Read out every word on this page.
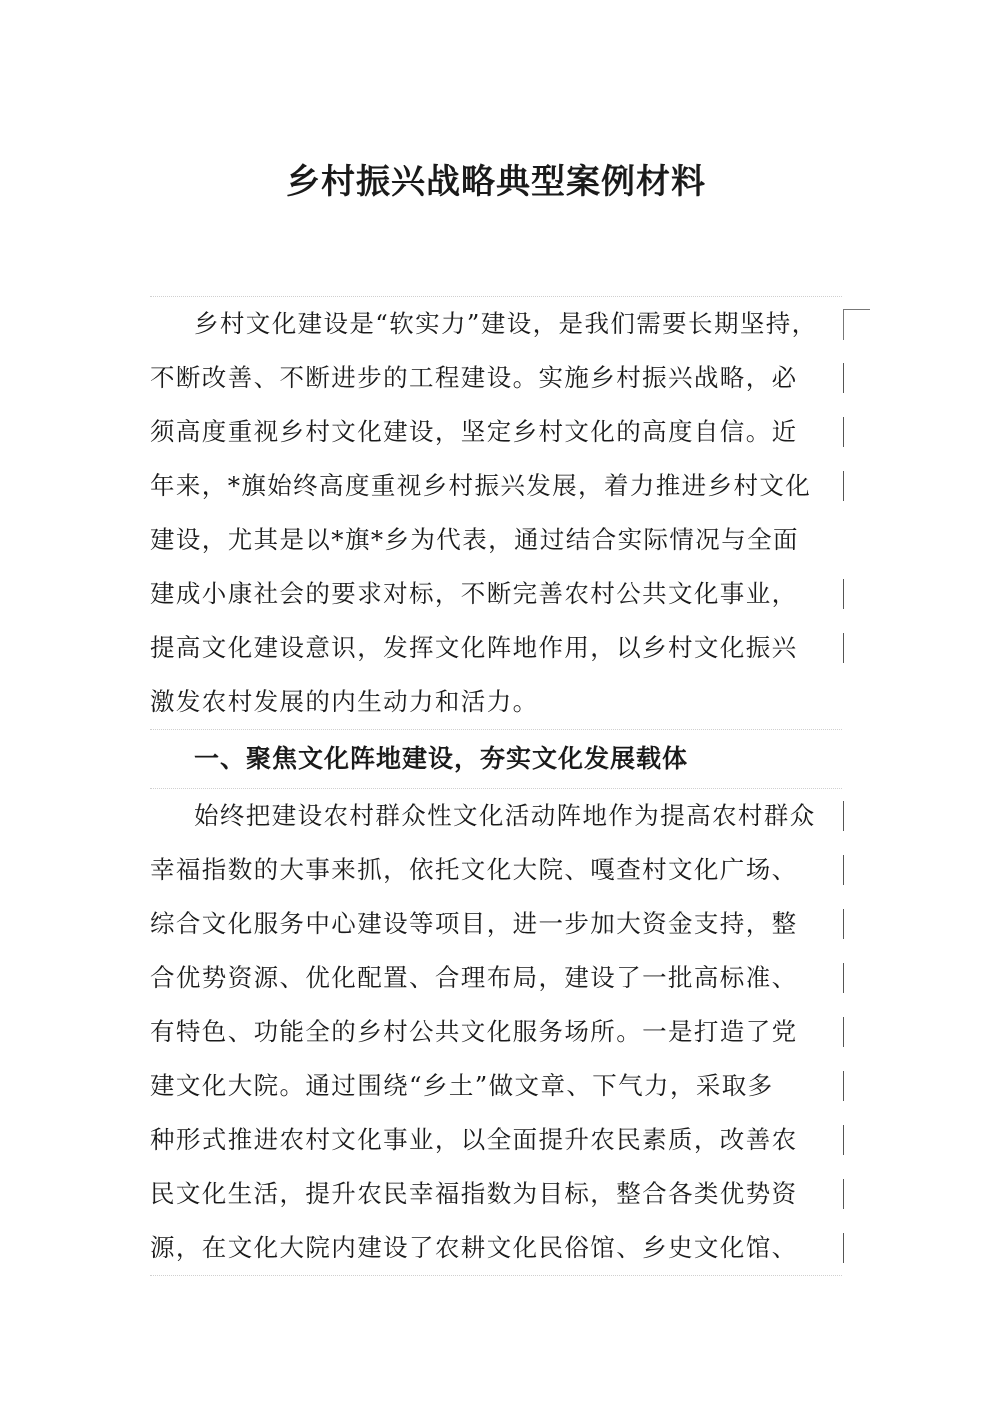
乡村振兴战略典型案例材料
乡村文化建设是“软实力”建设，是我们需要长期坚持，
不断改善、不断进步的工程建设。实施乡村振兴战略，必
须高度重视乡村文化建设，坚定乡村文化的高度自信。近
年来，*旗始终高度重视乡村振兴发展，着力推进乡村文化
建设，尤其是以*旗*乡为代表，通过结合实际情况与全面
建成小康社会的要求对标，不断完善农村公共文化事业，
提高文化建设意识，发挥文化阵地作用，以乡村文化振兴
激发农村发展的内生动力和活力。
一、聚焦文化阵地建设，夯实文化发展载体
始终把建设农村群众性文化活动阵地作为提高农村群众
幸福指数的大事来抓，依托文化大院、嘎查村文化广场、
综合文化服务中心建设等项目，进一步加大资金支持，整
合优势资源、优化配置、合理布局，建设了一批高标准、
有特色、功能全的乡村公共文化服务场所。一是打造了党
建文化大院。通过围绕“乡土”做文章、下气力，采取多
种形式推进农村文化事业，以全面提升农民素质，改善农
民文化生活，提升农民幸福指数为目标，整合各类优势资
源，在文化大院内建设了农耕文化民俗馆、乡史文化馆、
